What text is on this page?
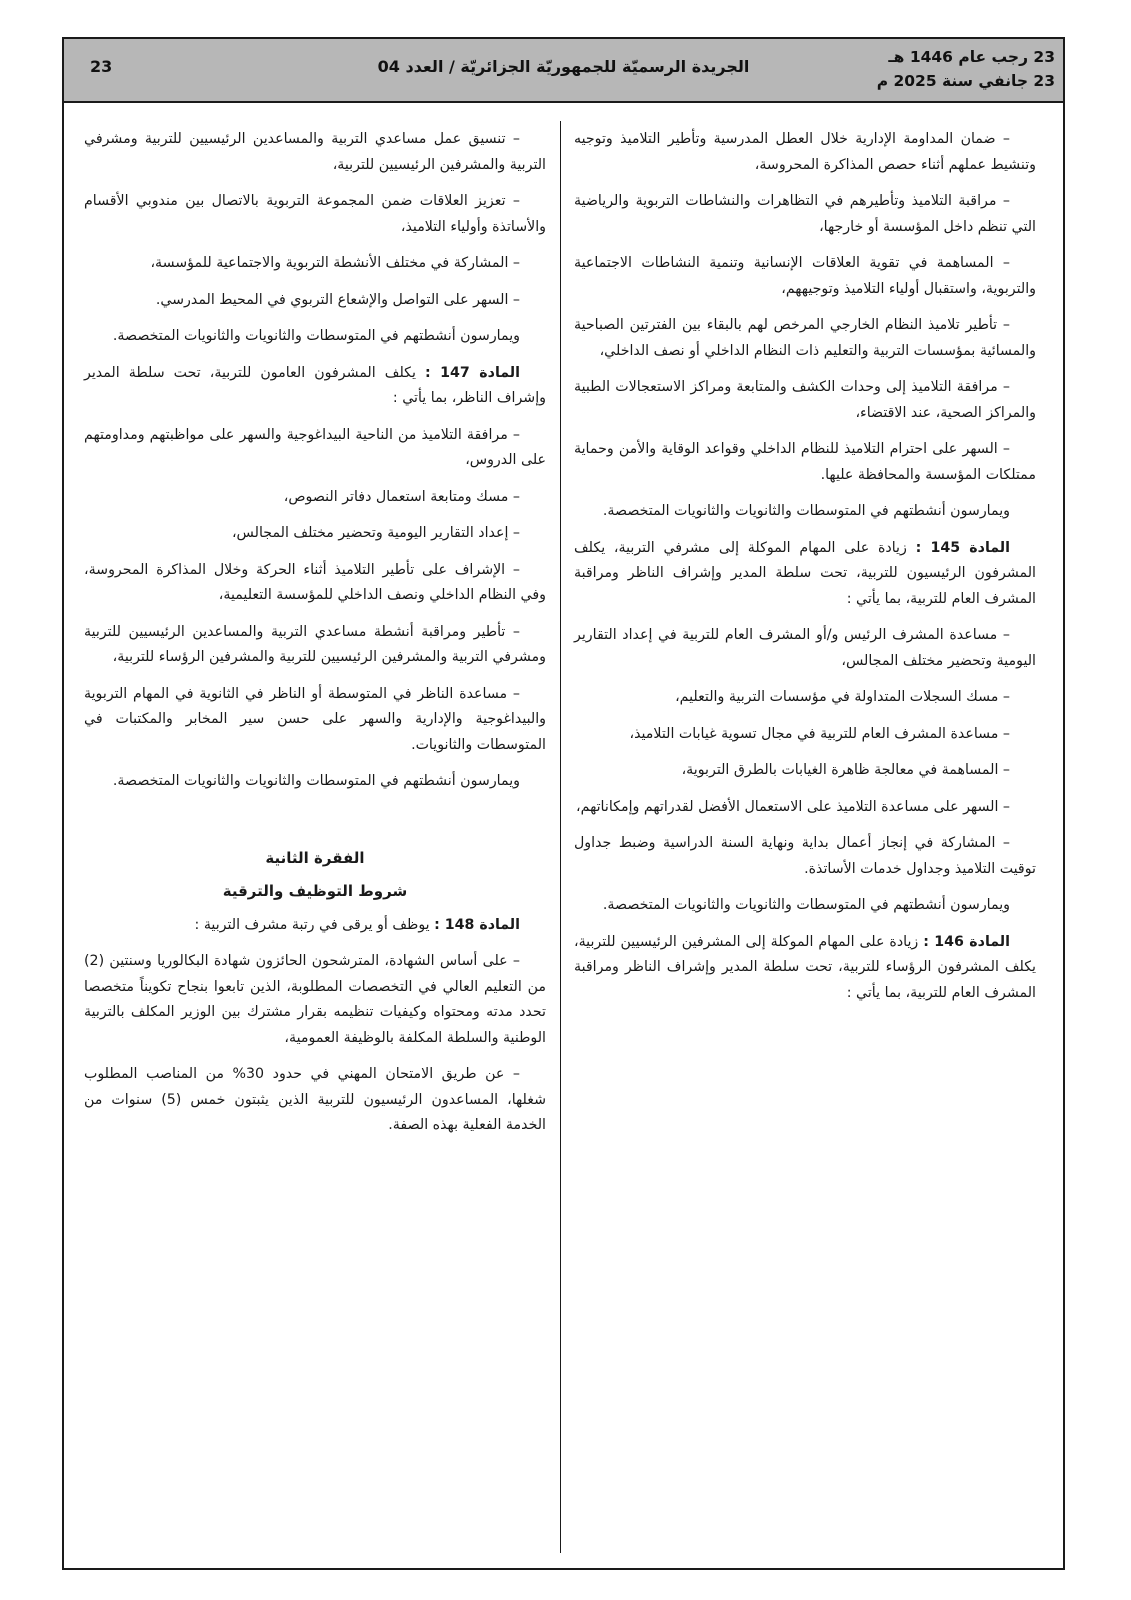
23 رجب عام 1446 هـ
23 جانفي سنة 2025 م
الجريدة الرسميّة للجمهوريّة الجزائريّة / العدد 04
23

– ضمان المداومة الإدارية خلال العطل المدرسية وتأطير التلاميذ وتوجيه وتنشيط عملهم أثناء حصص المذاكرة المحروسة،

– مراقبة التلاميذ وتأطيرهم في التظاهرات والنشاطات التربوية والرياضية التي تنظم داخل المؤسسة أو خارجها،

– المساهمة في تقوية العلاقات الإنسانية وتنمية النشاطات الاجتماعية والتربوية، واستقبال أولياء التلاميذ وتوجيههم،

– تأطير تلاميذ النظام الخارجي المرخص لهم بالبقاء بين الفترتين الصباحية والمسائية بمؤسسات التربية والتعليم ذات النظام الداخلي أو نصف الداخلي،

– مرافقة التلاميذ إلى وحدات الكشف والمتابعة ومراكز الاستعجالات الطبية والمراكز الصحية، عند الاقتضاء،

– السهر على احترام التلاميذ للنظام الداخلي وقواعد الوقاية والأمن وحماية ممتلكات المؤسسة والمحافظة عليها.

ويمارسون أنشطتهم في المتوسطات والثانويات والثانويات المتخصصة.

المادة 145 : زيادة على المهام الموكلة إلى مشرفي التربية، يكلف المشرفون الرئيسيون للتربية، تحت سلطة المدير وإشراف الناظر ومراقبة المشرف العام للتربية، بما يأتي :

– مساعدة المشرف الرئيس و/أو المشرف العام للتربية في إعداد التقارير اليومية وتحضير مختلف المجالس،

– مسك السجلات المتداولة في مؤسسات التربية والتعليم،

– مساعدة المشرف العام للتربية في مجال تسوية غيابات التلاميذ،

– المساهمة في معالجة ظاهرة الغيابات بالطرق التربوية،

– السهر على مساعدة التلاميذ على الاستعمال الأفضل لقدراتهم وإمكاناتهم،

– المشاركة في إنجاز أعمال بداية ونهاية السنة الدراسية وضبط جداول توقيت التلاميذ وجداول خدمات الأساتذة.

ويمارسون أنشطتهم في المتوسطات والثانويات والثانويات المتخصصة.

المادة 146 : زيادة على المهام الموكلة إلى المشرفين الرئيسيين للتربية، يكلف المشرفون الرؤساء للتربية، تحت سلطة المدير وإشراف الناظر ومراقبة المشرف العام للتربية، بما يأتي :

– تنسيق عمل مساعدي التربية والمساعدين الرئيسيين للتربية ومشرفي التربية والمشرفين الرئيسيين للتربية،

– تعزيز العلاقات ضمن المجموعة التربوية بالاتصال بين مندوبي الأقسام والأساتذة وأولياء التلاميذ،

– المشاركة في مختلف الأنشطة التربوية والاجتماعية للمؤسسة،

– السهر على التواصل والإشعاع التربوي في المحيط المدرسي.

ويمارسون أنشطتهم في المتوسطات والثانويات والثانويات المتخصصة.

المادة 147 : يكلف المشرفون العامون للتربية، تحت سلطة المدير وإشراف الناظر، بما يأتي :

– مرافقة التلاميذ من الناحية البيداغوجية والسهر على مواظبتهم ومداومتهم على الدروس،

– مسك ومتابعة استعمال دفاتر النصوص،

– إعداد التقارير اليومية وتحضير مختلف المجالس،

– الإشراف على تأطير التلاميذ أثناء الحركة وخلال المذاكرة المحروسة، وفي النظام الداخلي ونصف الداخلي للمؤسسة التعليمية،

– تأطير ومراقبة أنشطة مساعدي التربية والمساعدين الرئيسيين للتربية ومشرفي التربية والمشرفين الرئيسيين للتربية والمشرفين الرؤساء للتربية،

– مساعدة الناظر في المتوسطة أو الناظر في الثانوية في المهام التربوية والبيداغوجية والإدارية والسهر على حسن سير المخابر والمكتبات في المتوسطات والثانويات.

ويمارسون أنشطتهم في المتوسطات والثانويات والثانويات المتخصصة.

الفقرة الثانية

شروط التوظيف والترقية

المادة 148 : يوظف أو يرقى في رتبة مشرف التربية :

– على أساس الشهادة، المترشحون الحائزون شهادة البكالوريا وسنتين (2) من التعليم العالي في التخصصات المطلوبة، الذين تابعوا بنجاح تكويناً متخصصا تحدد مدته ومحتواه وكيفيات تنظيمه بقرار مشترك بين الوزير المكلف بالتربية الوطنية والسلطة المكلفة بالوظيفة العمومية،

– عن طريق الامتحان المهني في حدود 30% من المناصب المطلوب شغلها، المساعدون الرئيسيون للتربية الذين يثبتون خمس (5) سنوات من الخدمة الفعلية بهذه الصفة.
